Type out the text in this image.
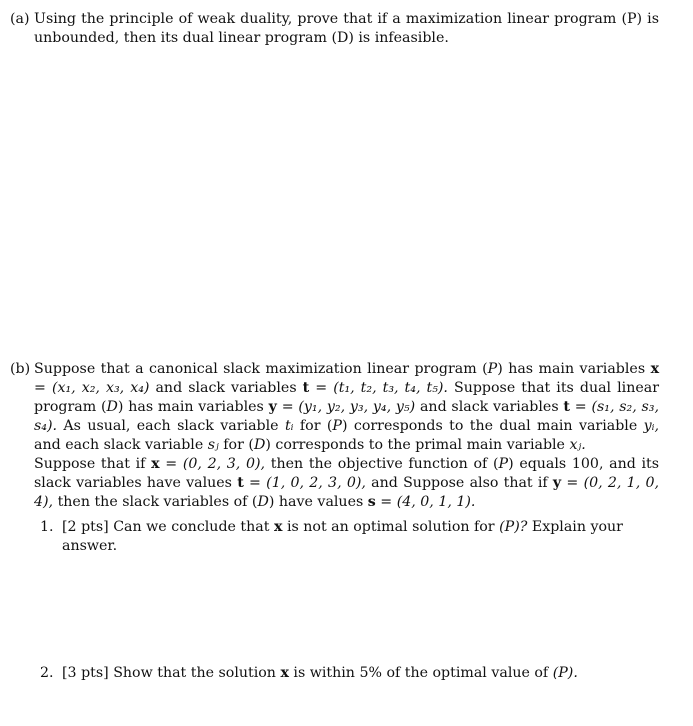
(a) Using the principle of weak duality, prove that if a maximization linear program (P) is unbounded, then its dual linear program (D) is infeasible.
(b) Suppose that a canonical slack maximization linear program (P) has main variables x = (x₁, x₂, x₃, x₄) and slack variables t = (t₁, t₂, t₃, t₄, t₅). Suppose that its dual linear program (D) has main variables y = (y₁, y₂, y₃, y₄, y₅) and slack variables t = (s₁, s₂, s₃, s₄). As usual, each slack variable tᵢ for (P) corresponds to the dual main variable yᵢ, and each slack variable sⱼ for (D) corresponds to the primal main variable xⱼ.
Suppose that if x = (0, 2, 3, 0), then the objective function of (P) equals 100, and its slack variables have values t = (1, 0, 2, 3, 0), and Suppose also that if y = (0, 2, 1, 0, 4), then the slack variables of (D) have values s = (4, 0, 1, 1).
1. [2 pts] Can we conclude that x is not an optimal solution for (P)? Explain your answer.
2. [3 pts] Show that the solution x is within 5% of the optimal value of (P).
